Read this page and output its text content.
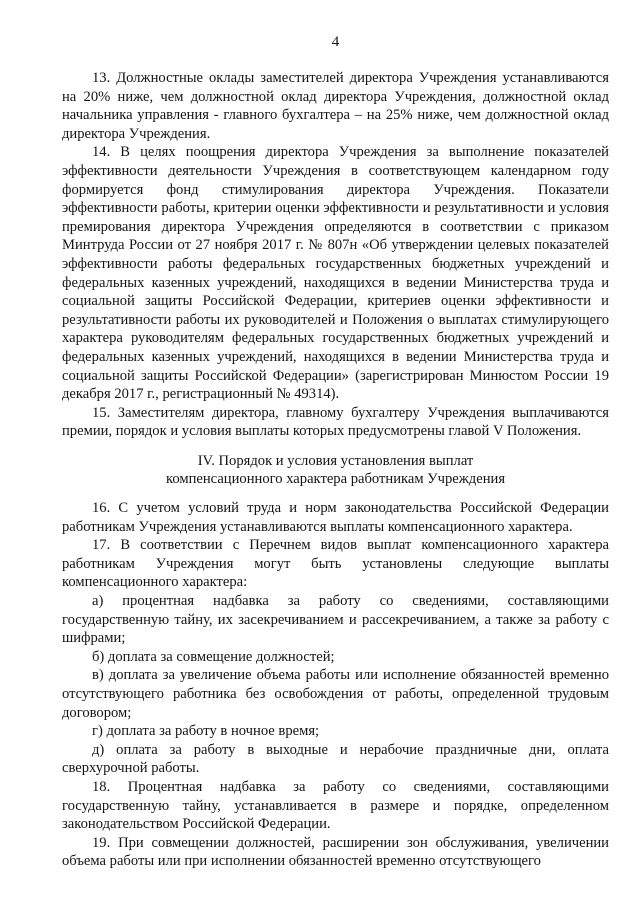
4

13. Должностные оклады заместителей директора Учреждения устанавливаются на 20% ниже, чем должностной оклад директора Учреждения, должностной оклад начальника управления - главного бухгалтера – на 25% ниже, чем должностной оклад директора Учреждения.

14. В целях поощрения директора Учреждения за выполнение показателей эффективности деятельности Учреждения в соответствующем календарном году формируется фонд стимулирования директора Учреждения. Показатели эффективности работы, критерии оценки эффективности и результативности и условия премирования директора Учреждения определяются в соответствии с приказом Минтруда России от 27 ноября 2017 г. № 807н «Об утверждении целевых показателей эффективности работы федеральных государственных бюджетных учреждений и федеральных казенных учреждений, находящихся в ведении Министерства труда и социальной защиты Российской Федерации, критериев оценки эффективности и результативности работы их руководителей и Положения о выплатах стимулирующего характера руководителям федеральных государственных бюджетных учреждений и федеральных казенных учреждений, находящихся в ведении Министерства труда и социальной защиты Российской Федерации» (зарегистрирован Минюстом России 19 декабря 2017 г., регистрационный № 49314).

15. Заместителям директора, главному бухгалтеру Учреждения выплачиваются премии, порядок и условия выплаты которых предусмотрены главой V Положения.

IV. Порядок и условия установления выплат
компенсационного характера работникам Учреждения

16. С учетом условий труда и норм законодательства Российской Федерации работникам Учреждения устанавливаются выплаты компенсационного характера.

17. В соответствии с Перечнем видов выплат компенсационного характера работникам Учреждения могут быть установлены следующие выплаты компенсационного характера:

а) процентная надбавка за работу со сведениями, составляющими государственную тайну, их засекречиванием и рассекречиванием, а также за работу с шифрами;

б) доплата за совмещение должностей;

в) доплата за увеличение объема работы или исполнение обязанностей временно отсутствующего работника без освобождения от работы, определенной трудовым договором;

г) доплата за работу в ночное время;

д) оплата за работу в выходные и нерабочие праздничные дни, оплата сверхурочной работы.

18. Процентная надбавка за работу со сведениями, составляющими государственную тайну, устанавливается в размере и порядке, определенном законодательством Российской Федерации.

19. При совмещении должностей, расширении зон обслуживания, увеличении объема работы или при исполнении обязанностей временно отсутствующего
